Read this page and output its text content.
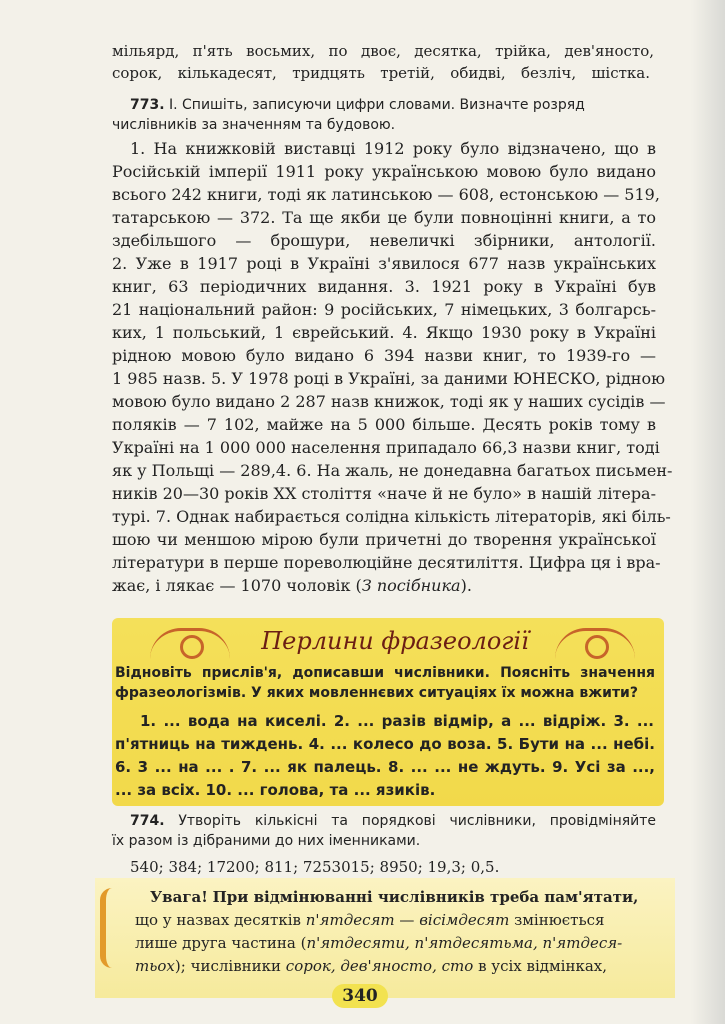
мільярд, п'ять восьмих, по двоє, десятка, трійка, дев'яносто,
сорок, кількадесят, тридцять третій, обидві, безліч, шістка.
773. І. Спишіть, записуючи цифри словами. Визначте розряд
числівників за значенням та будовою.
1. На книжковій виставці 1912 року було відзначено, що в
Російській імперії 1911 року українською мовою було видано
всього 242 книги, тоді як латинською — 608, естонською — 519,
татарською — 372. Та ще якби це були повноцінні книги, а то
здебільшого — брошури, невеличкі збірники, антології.
2. Уже в 1917 році в Україні з'явилося 677 назв українських
книг, 63 періодичних видання. 3. 1921 року в Україні був
21 національний район: 9 російських, 7 німецьких, 3 болгарсь-
ких, 1 польський, 1 єврейський. 4. Якщо 1930 року в Україні
рідною мовою було видано 6 394 назви книг, то 1939-го —
1 985 назв. 5. У 1978 році в Україні, за даними ЮНЕСКО, рідною
мовою було видано 2 287 назв книжок, тоді як у наших сусідів —
поляків — 7 102, майже на 5 000 більше. Десять років тому в
Україні на 1 000 000 населення припадало 66,3 назви книг, тоді
як у Польщі — 289,4. 6. На жаль, не донедавна багатьох письмен-
ників 20—30 років ХХ століття «наче й не було» в нашій літера-
турі. 7. Однак набирається солідна кількість літераторів, які біль-
шою чи меншою мірою були причетні до творення української
літератури в перше пореволюційне десятиліття. Цифра ця і вра-
жає, і лякає — 1070 чоловік (З посібника).
Перлини фразеології
Відновіть прислів'я, дописавши числівники. Поясніть значення
фразеологізмів. У яких мовленнєвих ситуаціях їх можна вжити?
1. ... вода на киселі. 2. ... разів відмір, а ... відріж. 3. ...
п'ятниць на тиждень. 4. ... колесо до воза. 5. Бути на ... небі.
6. 3 ... на ... . 7. ... як палець. 8. ... ... не ждуть. 9. Усі за ...,
... за всіх. 10. ... голова, та ... язиків.
774. Утворіть кількісні та порядкові числівники, провідміняйте
їх разом із дібраними до них іменниками.
540; 384; 17200; 811; 7253015; 8950; 19,3; 0,5.
Увага! При відмінюванні числівників треба пам'ятати,
що у назвах десятків п'ятдесят — вісімдесят змінюється
лише друга частина (п'ятдесяти, п'ятдесятьма, п'ятдеся-
тьох); числівники сорок, дев'яносто, сто в усіх відмінках,
340
